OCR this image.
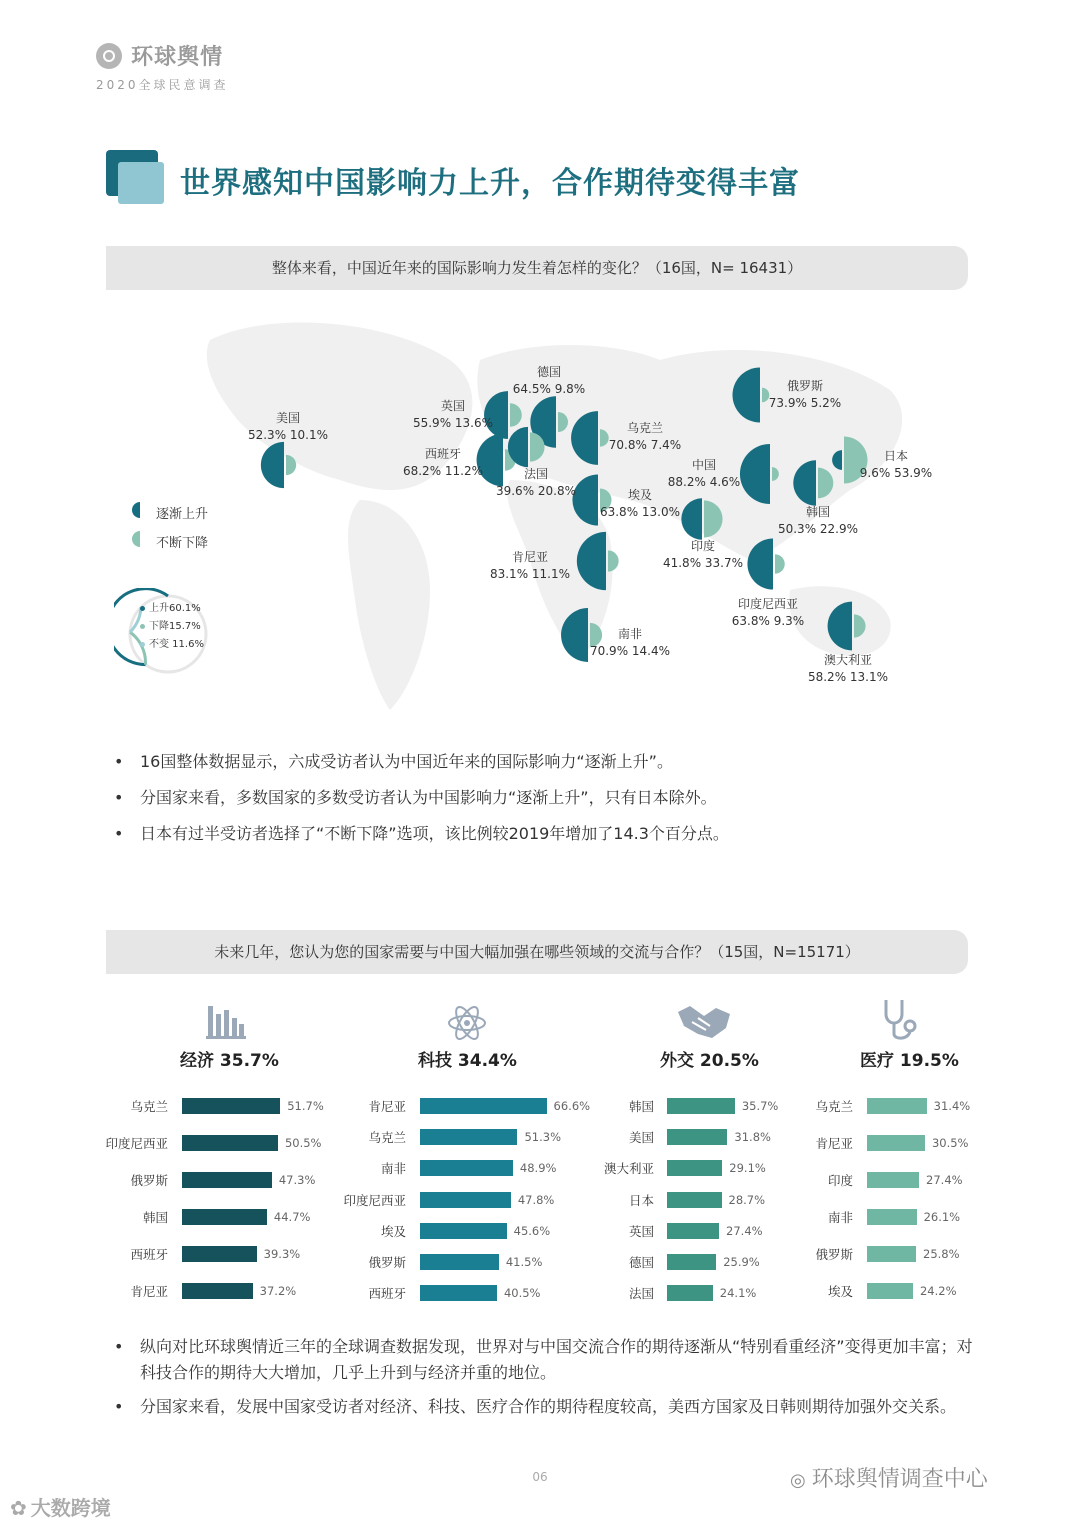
环球舆情
2020全球民意调查
世界感知中国影响力上升，合作期待变得丰富
整体来看，中国近年来的国际影响力发生着怎样的变化？（16国，N= 16431）
美国
52.3% 10.1%
英国
55.9% 13.6%
德国
64.5% 9.8%
西班牙
68.2% 11.2%	法国
39.6% 20.8%
乌克兰
70.8% 7.4%
俄罗斯
73.9% 5.2%
中国
88.2% 4.6%
日本
9.6% 53.9%
韩国
50.3% 22.9%
埃及
63.8% 13.0%
印度
41.8% 33.7%
肯尼亚
83.1% 11.1%
印度尼西亚
63.8% 9.3%
南非
70.9% 14.4%
澳大利亚
58.2% 13.1%
逐渐上升
不断下降
上升60.1%
下降15.7%
不变 11.6%
• 16国整体数据显示，六成受访者认为中国近年来的国际影响力“逐渐上升”。
• 分国家来看，多数国家的多数受访者认为中国影响力“逐渐上升”，只有日本除外。
• 日本有过半受访者选择了“不断下降”选项，该比例较2019年增加了14.3个百分点。
未来几年，您认为您的国家需要与中国大幅加强在哪些领域的交流与合作？（15国，N=15171）
经济 35.7%
乌克兰	51.7%
印度尼西亚	50.5%
俄罗斯	47.3%
韩国	44.7%
西班牙	39.3%
肯尼亚	37.2%
科技 34.4%
肯尼亚	66.6%
乌克兰	51.3%
南非	48.9%
印度尼西亚	47.8%
埃及	45.6%
俄罗斯	41.5%
西班牙	40.5%
外交 20.5%
韩国	35.7%
美国	31.8%
澳大利亚	29.1%
日本	28.7%
英国	27.4%
德国	25.9%
法国	24.1%
医疗 19.5%
乌克兰	31.4%
肯尼亚	30.5%
印度	27.4%
南非	26.1%
俄罗斯	25.8%
埃及	24.2%
• 纵向对比环球舆情近三年的全球调查数据发现，世界对与中国交流合作的期待逐渐从“特别看重经济”变得更加丰富；对科技合作的期待大大增加，几乎上升到与经济并重的地位。
• 分国家来看，发展中国家受访者对经济、科技、医疗合作的期待程度较高，美西方国家及日韩则期待加强外交关系。
06	◎ 环球舆情调查中心
✿ 大数跨境
